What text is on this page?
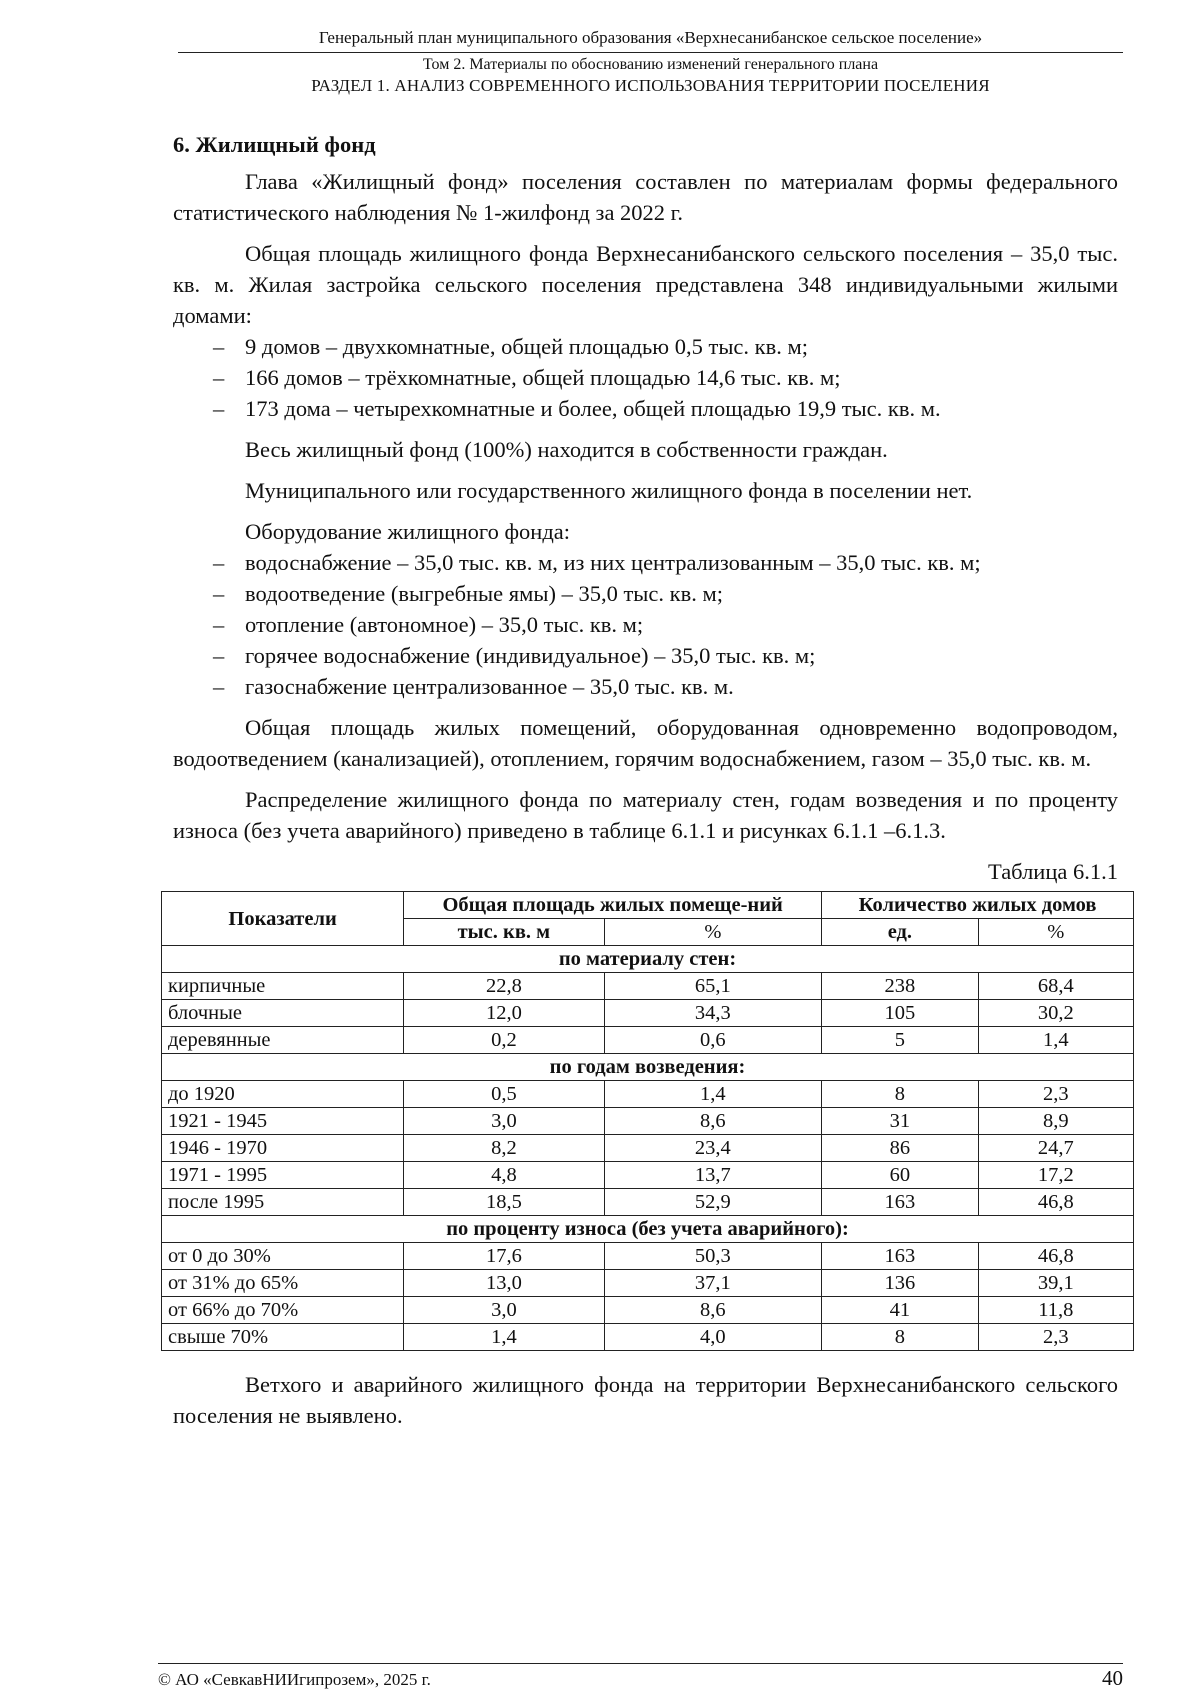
Генеральный план муниципального образования «Верхнесанибанское сельское поселение»
Том 2. Материалы по обоснованию изменений генерального плана
РАЗДЕЛ 1. АНАЛИЗ СОВРЕМЕННОГО ИСПОЛЬЗОВАНИЯ ТЕРРИТОРИИ ПОСЕЛЕНИЯ
6. Жилищный фонд

Глава «Жилищный фонд» поселения составлен по материалам формы федерального статистического наблюдения № 1-жилфонд за 2022 г.

Общая площадь жилищного фонда Верхнесанибанского сельского поселения – 35,0 тыс. кв. м. Жилая застройка сельского поселения представлена 348 индивидуальными жилыми домами:

– 9 домов – двухкомнатные, общей площадью 0,5 тыс. кв. м;
– 166 домов – трёхкомнатные, общей площадью 14,6 тыс. кв. м;
– 173 дома – четырехкомнатные и более, общей площадью 19,9 тыс. кв. м.

Весь жилищный фонд (100%) находится в собственности граждан.

Муниципального или государственного жилищного фонда в поселении нет.

Оборудование жилищного фонда:

– водоснабжение – 35,0 тыс. кв. м, из них централизованным – 35,0 тыс. кв. м;
– водоотведение (выгребные ямы) – 35,0 тыс. кв. м;
– отопление (автономное) – 35,0 тыс. кв. м;
– горячее водоснабжение (индивидуальное) – 35,0 тыс. кв. м;
– газоснабжение централизованное – 35,0 тыс. кв. м.

Общая площадь жилых помещений, оборудованная одновременно водопроводом, водоотведением (канализацией), отоплением, горячим водоснабжением, газом – 35,0 тыс. кв. м.

Распределение жилищного фонда по материалу стен, годам возведения и по проценту износа (без учета аварийного) приведено в таблице 6.1.1 и рисунках 6.1.1 –6.1.3.

Таблица 6.1.1
Показатели	Общая площадь жилых помеще-ний		Количество жилых домов	
	тыс. кв. м	%	ед.	%
по материалу стен:				
кирпичные	22,8	65,1	238	68,4
блочные	12,0	34,3	105	30,2
деревянные	0,2	0,6	5	1,4
по годам возведения:				
до 1920	0,5	1,4	8	2,3
1921 - 1945	3,0	8,6	31	8,9
1946 - 1970	8,2	23,4	86	24,7
1971 - 1995	4,8	13,7	60	17,2
после 1995	18,5	52,9	163	46,8
по проценту износа (без учета аварийного):				
от 0 до 30%	17,6	50,3	163	46,8
от 31% до 65%	13,0	37,1	136	39,1
от 66% до 70%	3,0	8,6	41	11,8
свыше 70%	1,4	4,0	8	2,3

Ветхого и аварийного жилищного фонда на территории Верхнесанибанского сельского поселения не выявлено.

© АО «СевкавНИИгипрозем», 2025 г.	40
